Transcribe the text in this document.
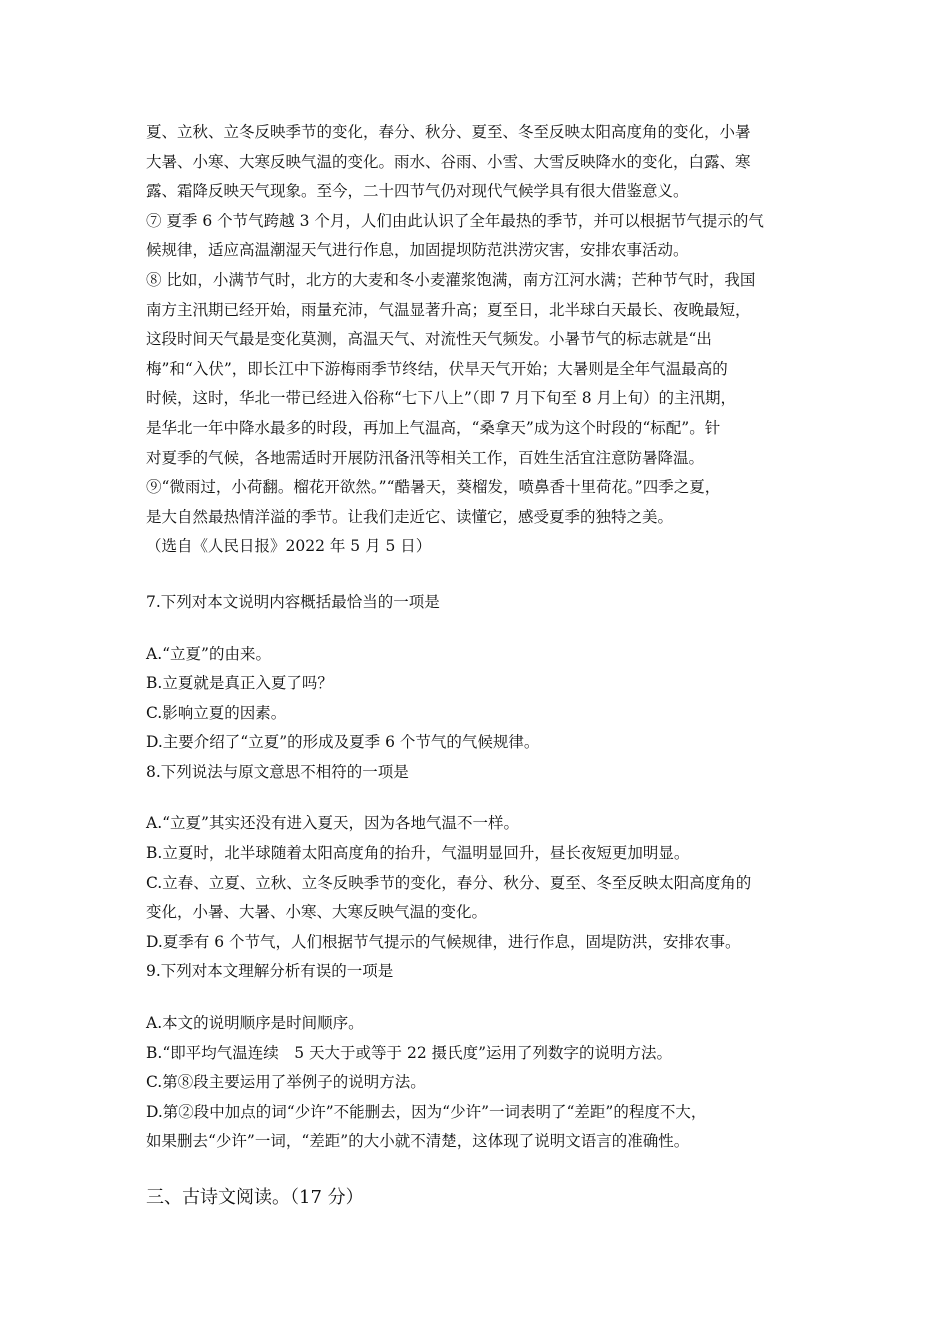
夏、立秋、立冬反映季节的变化，春分、秋分、夏至、冬至反映太阳高度角的变化，小暑
大暑、小寒、大寒反映气温的变化。雨水、谷雨、小雪、大雪反映降水的变化，白露、寒
露、霜降反映天气现象。至今，二十四节气仍对现代气候学具有很大借鉴意义。
⑦ 夏季 6 个节气跨越 3 个月，人们由此认识了全年最热的季节，并可以根据节气提示的气
候规律，适应高温潮湿天气进行作息，加固提坝防范洪涝灾害，安排农事活动。
⑧ 比如，小满节气时，北方的大麦和冬小麦灌浆饱满，南方江河水满；芒种节气时，我国
南方主汛期已经开始，雨量充沛，气温显著升高；夏至日，北半球白天最长、夜晚最短，
这段时间天气最是变化莫测，高温天气、对流性天气频发。小暑节气的标志就是“出
梅”和“入伏”，即长江中下游梅雨季节终结，伏旱天气开始；大暑则是全年气温最高的
时候，这时，华北一带已经进入俗称“七下八上”（即 7 月下旬至 8 月上旬）的主汛期，
是华北一年中降水最多的时段，再加上气温高，“桑拿天”成为这个时段的“标配”。针
对夏季的气候，各地需适时开展防汛备汛等相关工作，百姓生活宜注意防暑降温。
⑨“微雨过，小荷翻。榴花开欲然。”“酷暑天，葵榴发，喷鼻香十里荷花。”四季之夏，
是大自然最热情洋溢的季节。让我们走近它、读懂它，感受夏季的独特之美。
（选自《人民日报》2022 年 5 月 5 日）
7.下列对本文说明内容概括最恰当的一项是
A.“立夏”的由来。
B.立夏就是真正入夏了吗？
C.影响立夏的因素。
D.主要介绍了“立夏”的形成及夏季 6 个节气的气候规律。
8.下列说法与原文意思不相符的一项是
A.“立夏”其实还没有进入夏天，因为各地气温不一样。
B.立夏时，北半球随着太阳高度角的抬升，气温明显回升，昼长夜短更加明显。
C.立春、立夏、立秋、立冬反映季节的变化，春分、秋分、夏至、冬至反映太阳高度角的
变化，小暑、大暑、小寒、大寒反映气温的变化。
D.夏季有 6 个节气，人们根据节气提示的气候规律，进行作息，固堤防洪，安排农事。
9.下列对本文理解分析有误的一项是
A.本文的说明顺序是时间顺序。
B.“即平均气温连续　5 天大于或等于 22 摄氏度”运用了列数字的说明方法。
C.第⑧段主要运用了举例子的说明方法。
D.第②段中加点的词“少许”不能删去，因为“少许”一词表明了“差距”的程度不大，
如果删去“少许”一词，“差距”的大小就不清楚，这体现了说明文语言的准确性。
三、古诗文阅读。（17 分）
